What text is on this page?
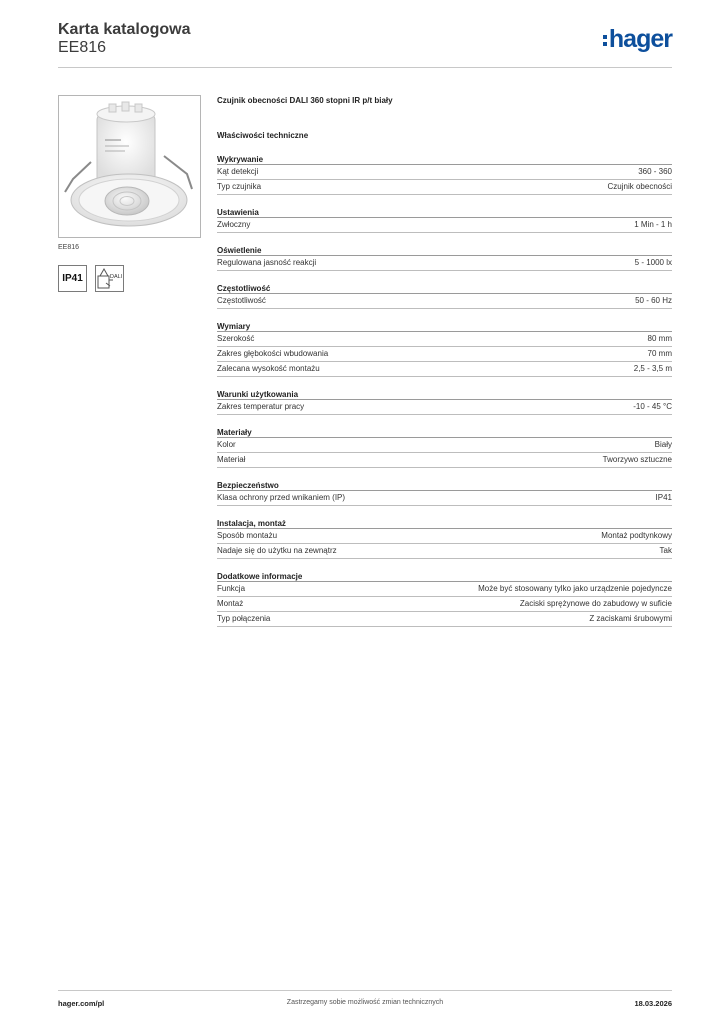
Karta katalogowa
EE816	hager
EE816
IP41	DALI
Czujnik obecności DALI 360 stopni IR p/t biały
Właściwości techniczne
Wykrywanie
Kąt detekcji	360 - 360
Typ czujnika	Czujnik obecności
Ustawienia
Zwłoczny	1 Min - 1 h
Oświetlenie
Regulowana jasność reakcji	5 - 1000 lx
Częstotliwość
Częstotliwość	50 - 60 Hz
Wymiary
Szerokość	80 mm
Zakres głębokości wbudowania	70 mm
Zalecana wysokość montażu	2,5 - 3,5 m
Warunki użytkowania
Zakres temperatur pracy	-10 - 45 °C
Materiały
Kolor	Biały
Materiał	Tworzywo sztuczne
Bezpieczeństwo
Klasa ochrony przed wnikaniem (IP)	IP41
Instalacja, montaż
Sposób montażu	Montaż podtynkowy
Nadaje się do użytku na zewnątrz	Tak
Dodatkowe informacje
Funkcja	Może być stosowany tylko jako urządzenie pojedyncze
Montaż	Zaciski sprężynowe do zabudowy w suficie
Typ połączenia	Z zaciskami śrubowymi
hager.com/pl	Zastrzegamy sobie możliwość zmian technicznych	18.03.2026
